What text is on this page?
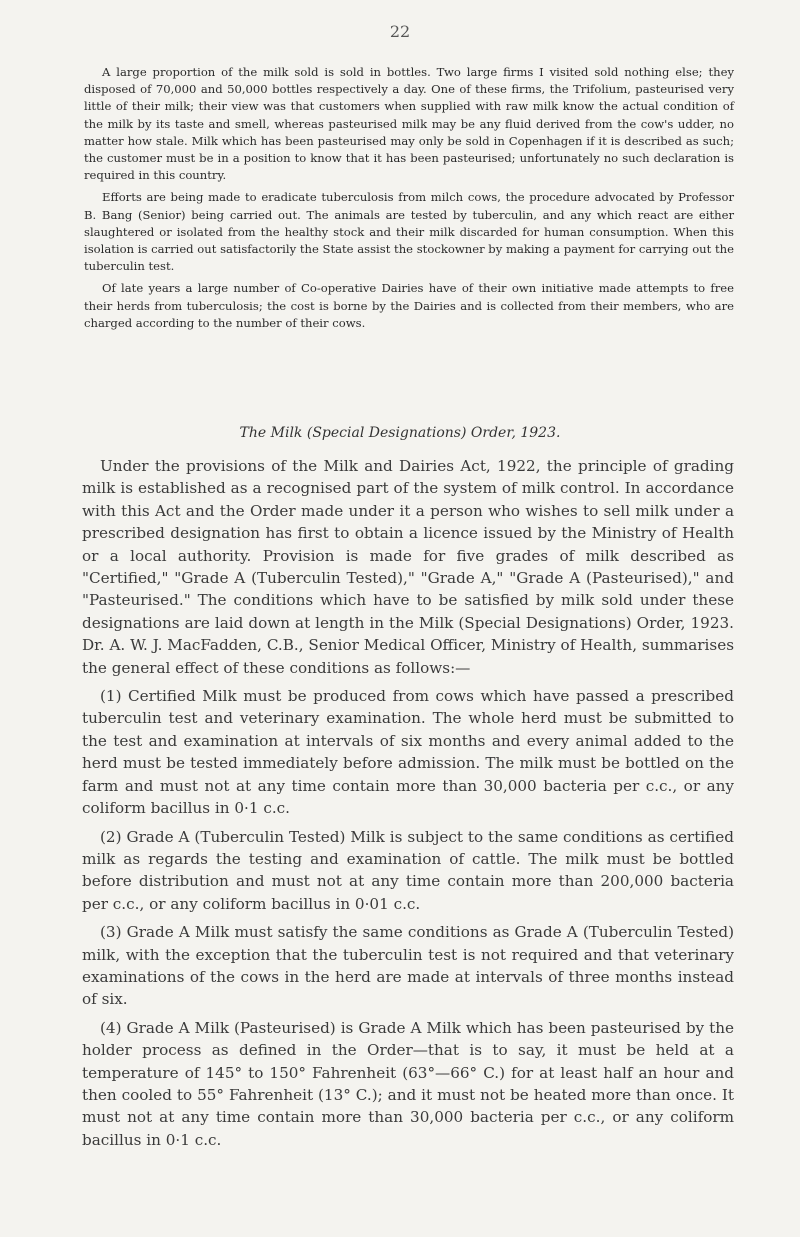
22

A large proportion of the milk sold is sold in bottles. Two large firms I visited sold nothing else; they disposed of 70,000 and 50,000 bottles respectively a day. One of these firms, the Trifolium, pasteurised very little of their milk; their view was that customers when supplied with raw milk know the actual condition of the milk by its taste and smell, whereas pasteurised milk may be any fluid derived from the cow's udder, no matter how stale. Milk which has been pasteurised may only be sold in Copenhagen if it is described as such; the customer must be in a position to know that it has been pasteurised; unfortunately no such declaration is required in this country.

Efforts are being made to eradicate tuberculosis from milch cows, the procedure advocated by Professor B. Bang (Senior) being carried out. The animals are tested by tuberculin, and any which react are either slaughtered or isolated from the healthy stock and their milk discarded for human consumption. When this isolation is carried out satisfactorily the State assist the stockowner by making a payment for carrying out the tuberculin test.

Of late years a large number of Co-operative Dairies have of their own initiative made attempts to free their herds from tuberculosis; the cost is borne by the Dairies and is collected from their members, who are charged according to the number of their cows.

The Milk (Special Designations) Order, 1923.

Under the provisions of the Milk and Dairies Act, 1922, the principle of grading milk is established as a recognised part of the system of milk control. In accordance with this Act and the Order made under it a person who wishes to sell milk under a prescribed designation has first to obtain a licence issued by the Ministry of Health or a local authority. Provision is made for five grades of milk described as "Certified," "Grade A (Tuberculin Tested)," "Grade A," "Grade A (Pasteurised)," and "Pasteurised." The conditions which have to be satisfied by milk sold under these designations are laid down at length in the Milk (Special Designations) Order, 1923. Dr. A. W. J. MacFadden, C.B., Senior Medical Officer, Ministry of Health, summarises the general effect of these conditions as follows:—

(1) Certified Milk must be produced from cows which have passed a prescribed tuberculin test and veterinary examination. The whole herd must be submitted to the test and examination at intervals of six months and every animal added to the herd must be tested immediately before admission. The milk must be bottled on the farm and must not at any time contain more than 30,000 bacteria per c.c., or any coliform bacillus in 0·1 c.c.

(2) Grade A (Tuberculin Tested) Milk is subject to the same conditions as certified milk as regards the testing and examination of cattle. The milk must be bottled before distribution and must not at any time contain more than 200,000 bacteria per c.c., or any coliform bacillus in 0·01 c.c.

(3) Grade A Milk must satisfy the same conditions as Grade A (Tuberculin Tested) milk, with the exception that the tuberculin test is not required and that veterinary examinations of the cows in the herd are made at intervals of three months instead of six.

(4) Grade A Milk (Pasteurised) is Grade A Milk which has been pasteurised by the holder process as defined in the Order—that is to say, it must be held at a temperature of 145° to 150° Fahrenheit (63°—66° C.) for at least half an hour and then cooled to 55° Fahrenheit (13° C.); and it must not be heated more than once. It must not at any time contain more than 30,000 bacteria per c.c., or any coliform bacillus in 0·1 c.c.
